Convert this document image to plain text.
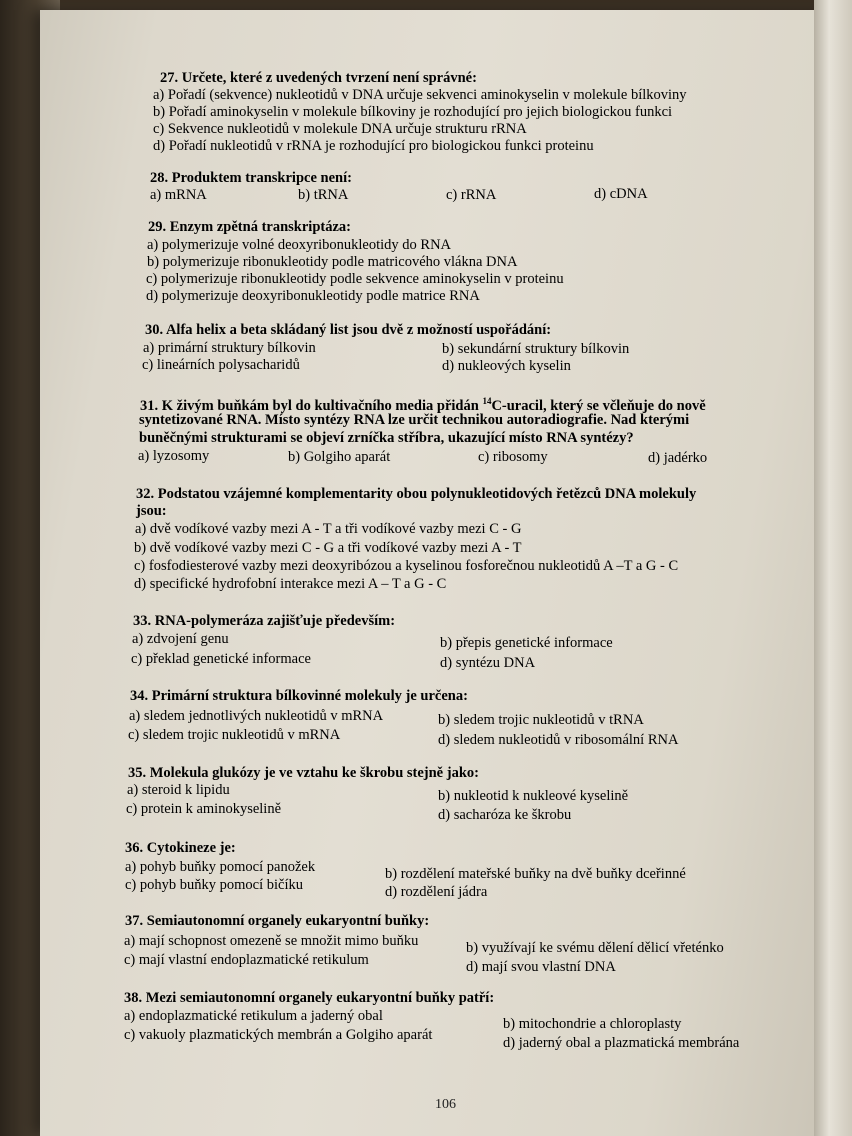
27. Určete, které z uvedených tvrzení není správné:
a) Pořadí (sekvence) nukleotidů v DNA určuje sekvenci aminokyselin v molekule bílkoviny
b) Pořadí aminokyselin v molekule bílkoviny je rozhodující pro jejich biologickou funkci
c) Sekvence nukleotidů v molekule DNA určuje strukturu rRNA
d) Pořadí nukleotidů v rRNA je rozhodující pro biologickou funkci proteinu
28. Produktem transkripce není:
a) mRNA	b) tRNA	c) rRNA	d) cDNA
29. Enzym zpětná transkriptáza:
a) polymerizuje volné deoxyribonukleotidy do RNA
b) polymerizuje ribonukleotidy podle matricového vlákna DNA
c) polymerizuje ribonukleotidy podle sekvence aminokyselin v proteinu
d) polymerizuje deoxyribonukleotidy podle matrice RNA
30. Alfa helix a beta skládaný list jsou dvě z možností uspořádání:
a) primární struktury bílkovin	b) sekundární struktury bílkovin
c) lineárních polysacharidů	d) nukleových kyselin
31. K živým buňkám byl do kultivačního media přidán $^{14}$C-uracil, který se včleňuje do nově
syntetizované RNA. Místo syntézy RNA lze určit technikou autoradiografie. Nad kterými
buněčnými strukturami se objeví zrníčka stříbra, ukazující místo RNA syntézy?
a) lyzosomy	b) Golgiho aparát	c) ribosomy	d) jadérko
32. Podstatou vzájemné komplementarity obou polynukleotidových řetězců DNA molekuly
jsou:
a) dvě vodíkové vazby mezi A - T a tři vodíkové vazby mezi C - G
b) dvě vodíkové vazby mezi C - G a tři vodíkové vazby mezi A - T
c) fosfodiesterové vazby mezi deoxyribózou a kyselinou fosforečnou nukleotidů A –T a G - C
d) specifické hydrofobní interakce mezi A – T a G - C
33. RNA-polymeráza zajišťuje především:
a) zdvojení genu	b) přepis genetické informace
c) překlad genetické informace	d) syntézu DNA
34. Primární struktura bílkovinné molekuly je určena:
a) sledem jednotlivých nukleotidů v mRNA	b) sledem trojic nukleotidů v tRNA
c) sledem trojic nukleotidů v mRNA	d) sledem nukleotidů v ribosomální RNA
35. Molekula glukózy je ve vztahu ke škrobu stejně jako:
a) steroid k lipidu	b) nukleotid k nukleové kyselině
c) protein k aminokyselině	d) sacharóza ke škrobu
36. Cytokineze je:
a) pohyb buňky pomocí panožek	b) rozdělení mateřské buňky na dvě buňky dceřinné
c) pohyb buňky pomocí bičíku	d) rozdělení jádra
37. Semiautonomní organely eukaryontní buňky:
a) mají schopnost omezeně se množit mimo buňku	b) využívají ke svému dělení dělicí vřeténko
c) mají vlastní endoplazmatické retikulum	d) mají svou vlastní DNA
38. Mezi semiautonomní organely eukaryontní buňky patří:
a) endoplazmatické retikulum a jaderný obal	b) mitochondrie a chloroplasty
c) vakuoly plazmatických membrán a Golgiho aparát	d) jaderný obal a plazmatická membrána
106
